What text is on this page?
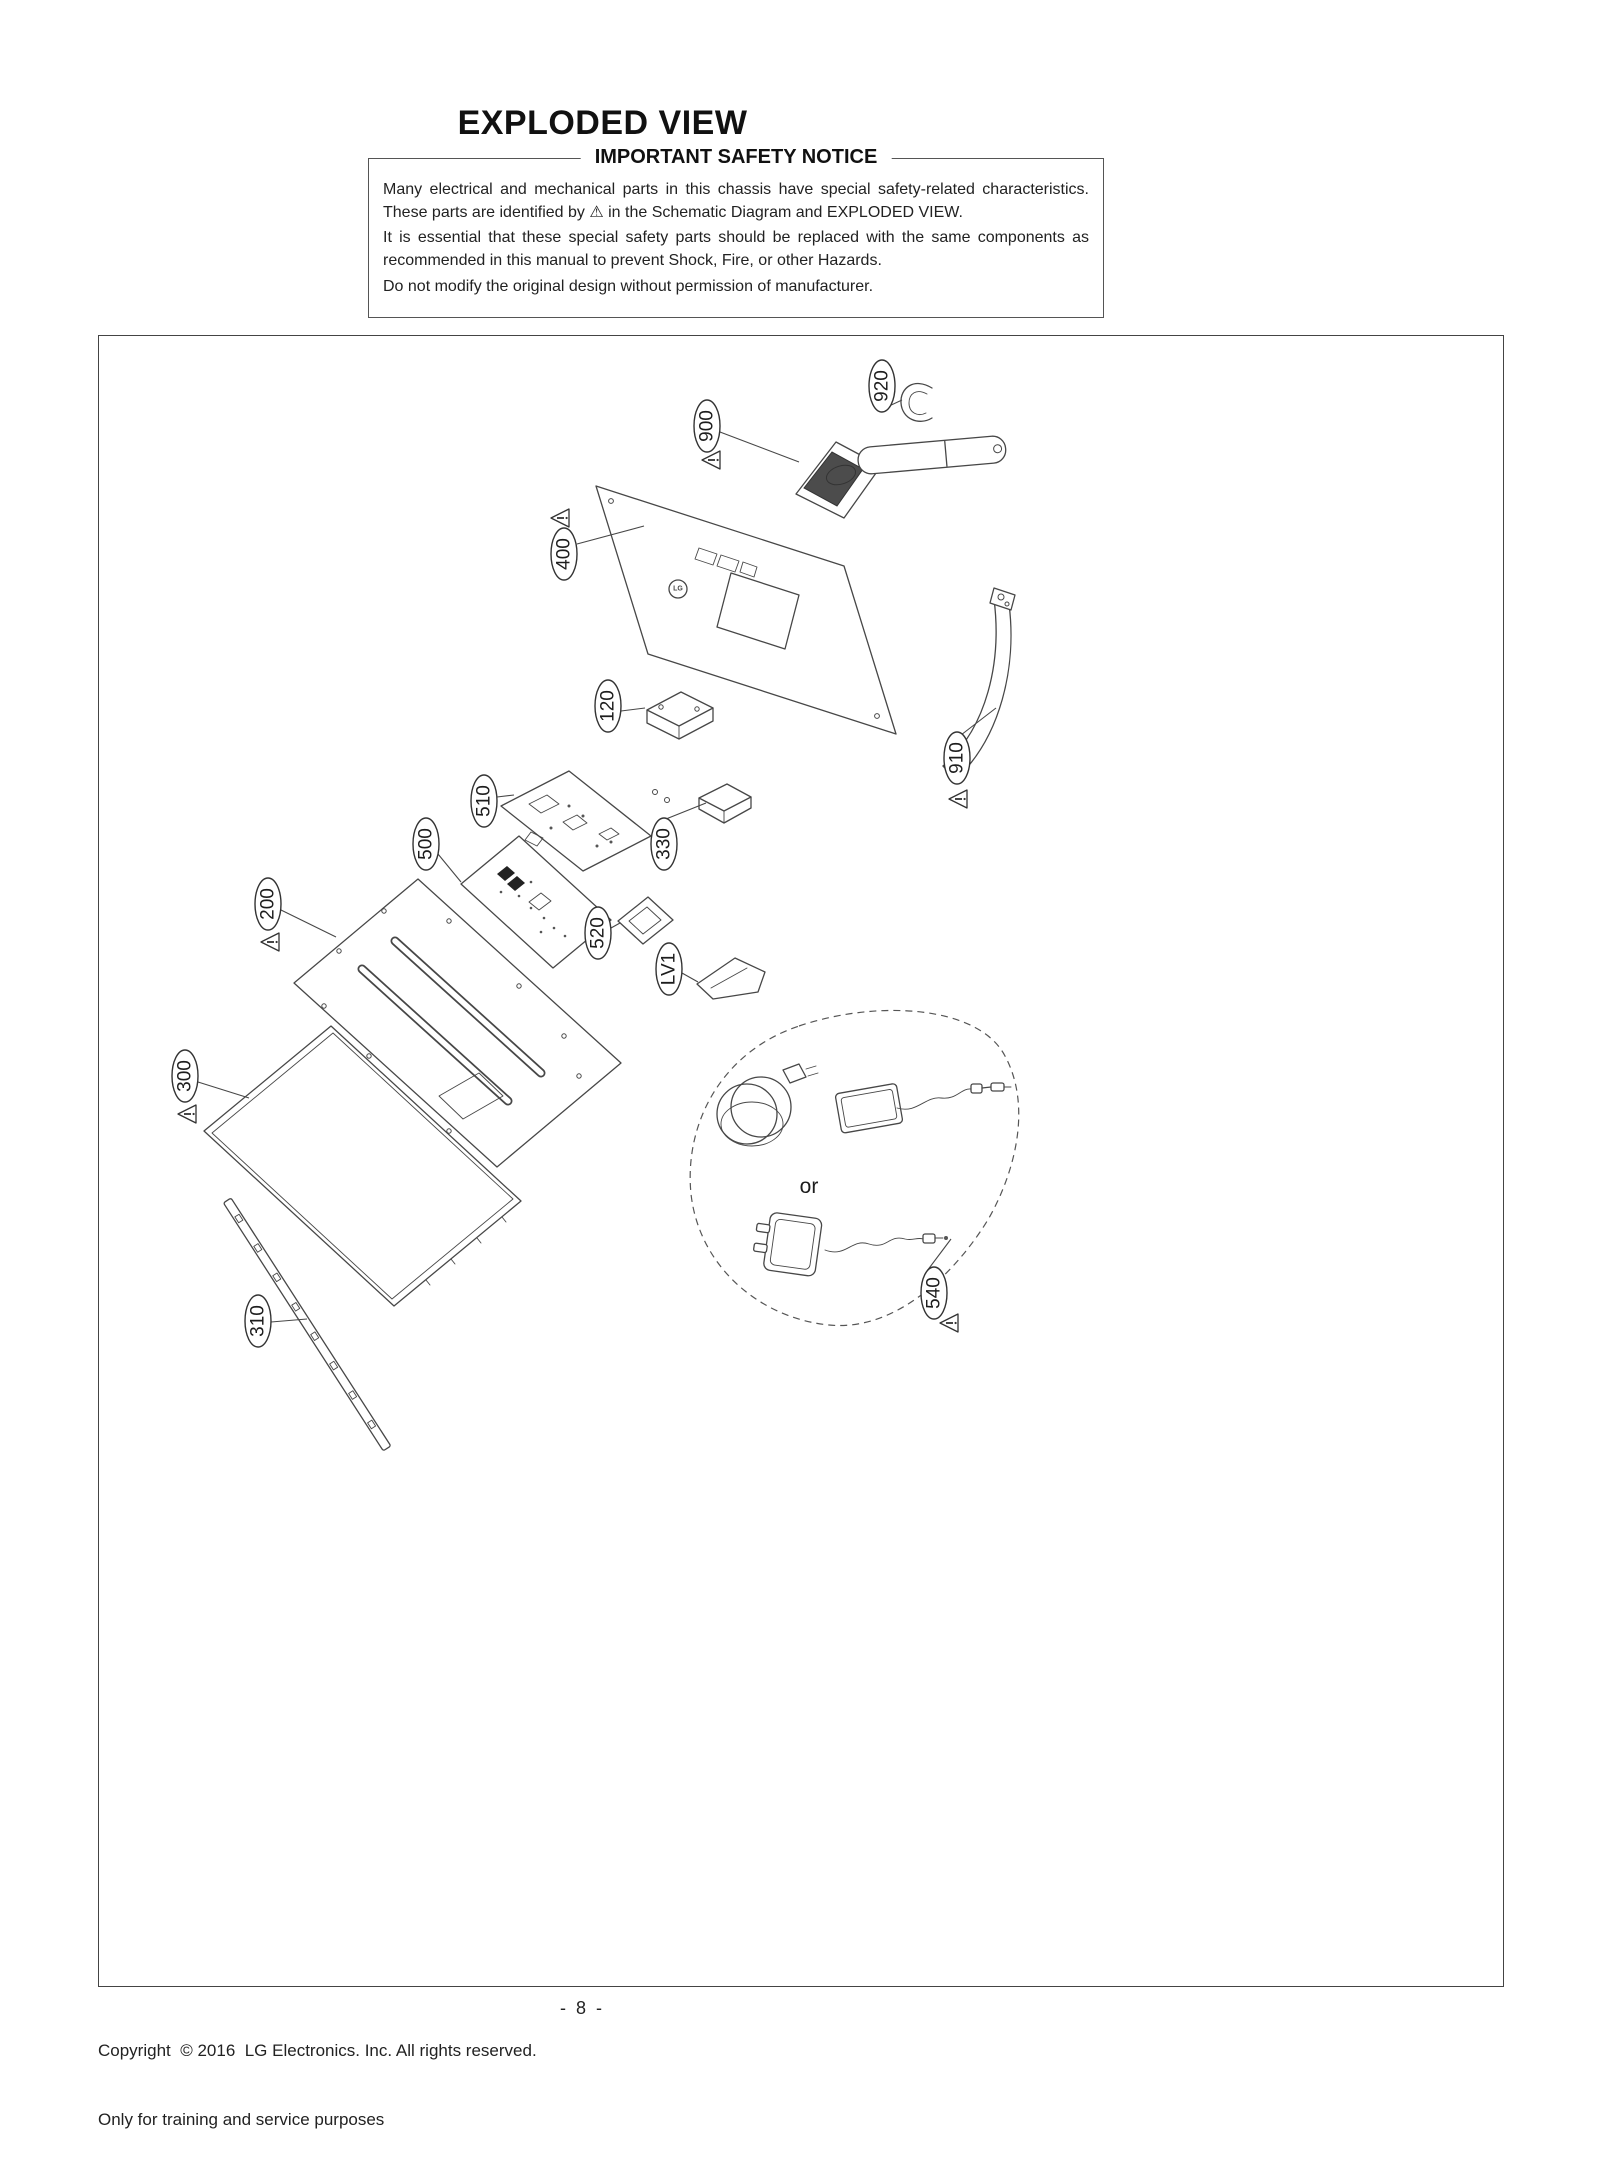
EXPLODED VIEW
IMPORTANT SAFETY NOTICE

Many electrical and mechanical parts in this chassis have special safety-related characteristics. These parts are identified by ⚠ in the Schematic Diagram and EXPLODED VIEW.

It is essential that these special safety parts should be replaced with the same components as recommended in this manual to prevent Shock, Fire, or other Hazards.

Do not modify the original design without permission of manufacturer.

LG
or
920
900
400
120
510
500
200
330
520
LV1
300
910
310
540

Copyright  © 2016  LG Electronics. Inc. All rights reserved.

Only for training and service purposes

-  8  -
